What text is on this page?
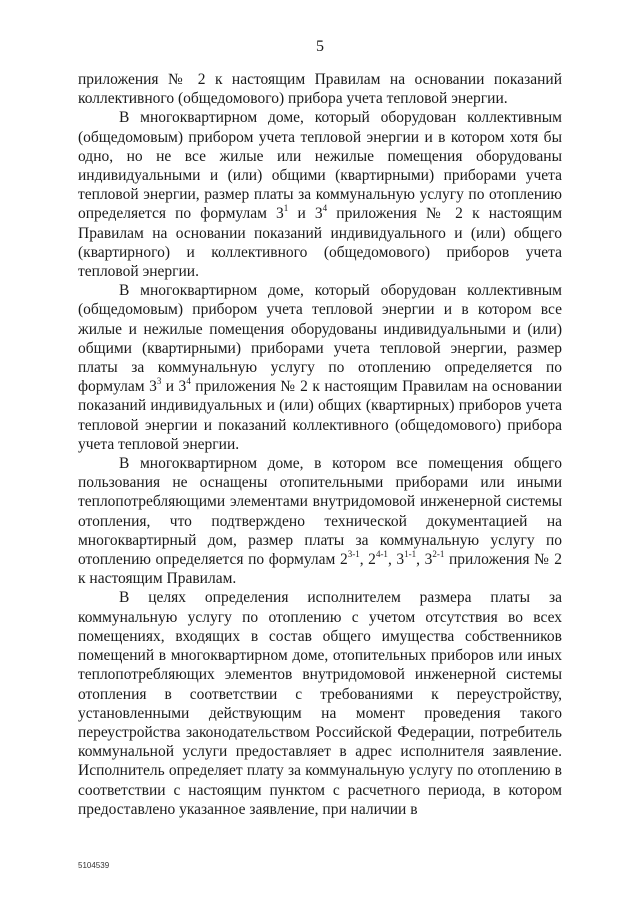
5

приложения № 2 к настоящим Правилам на основании показаний коллективного (общедомового) прибора учета тепловой энергии.

В многоквартирном доме, который оборудован коллективным (общедомовым) прибором учета тепловой энергии и в котором хотя бы одно, но не все жилые или нежилые помещения оборудованы индивидуальными и (или) общими (квартирными) приборами учета тепловой энергии, размер платы за коммунальную услугу по отоплению определяется по формулам $3^1$ и $3^4$ приложения № 2 к настоящим Правилам на основании показаний индивидуального и (или) общего (квартирного) и коллективного (общедомового) приборов учета тепловой энергии.

В многоквартирном доме, который оборудован коллективным (общедомовым) прибором учета тепловой энергии и в котором все жилые и нежилые помещения оборудованы индивидуальными и (или) общими (квартирными) приборами учета тепловой энергии, размер платы за коммунальную услугу по отоплению определяется по формулам $3^3$ и $3^4$ приложения № 2 к настоящим Правилам на основании показаний индивидуальных и (или) общих (квартирных) приборов учета тепловой энергии и показаний коллективного (общедомового) прибора учета тепловой энергии.

В многоквартирном доме, в котором все помещения общего пользования не оснащены отопительными приборами или иными теплопотребляющими элементами внутридомовой инженерной системы отопления, что подтверждено технической документацией на многоквартирный дом, размер платы за коммунальную услугу по отоплению определяется по формулам 2$^{3-1}$, 2$^{4-1}$, 3$^{1-1}$, 3$^{2-1}$ приложения № 2 к настоящим Правилам.

В целях определения исполнителем размера платы за коммунальную услугу по отоплению с учетом отсутствия во всех помещениях, входящих в состав общего имущества собственников помещений в многоквартирном доме, отопительных приборов или иных теплопотребляющих элементов внутридомовой инженерной системы отопления в соответствии с требованиями к переустройству, установленными действующим на момент проведения такого переустройства законодательством Российской Федерации, потребитель коммунальной услуги предоставляет в адрес исполнителя заявление. Исполнитель определяет плату за коммунальную услугу по отоплению в соответствии с настоящим пунктом с расчетного периода, в котором предоставлено указанное заявление, при наличии в

5104539
